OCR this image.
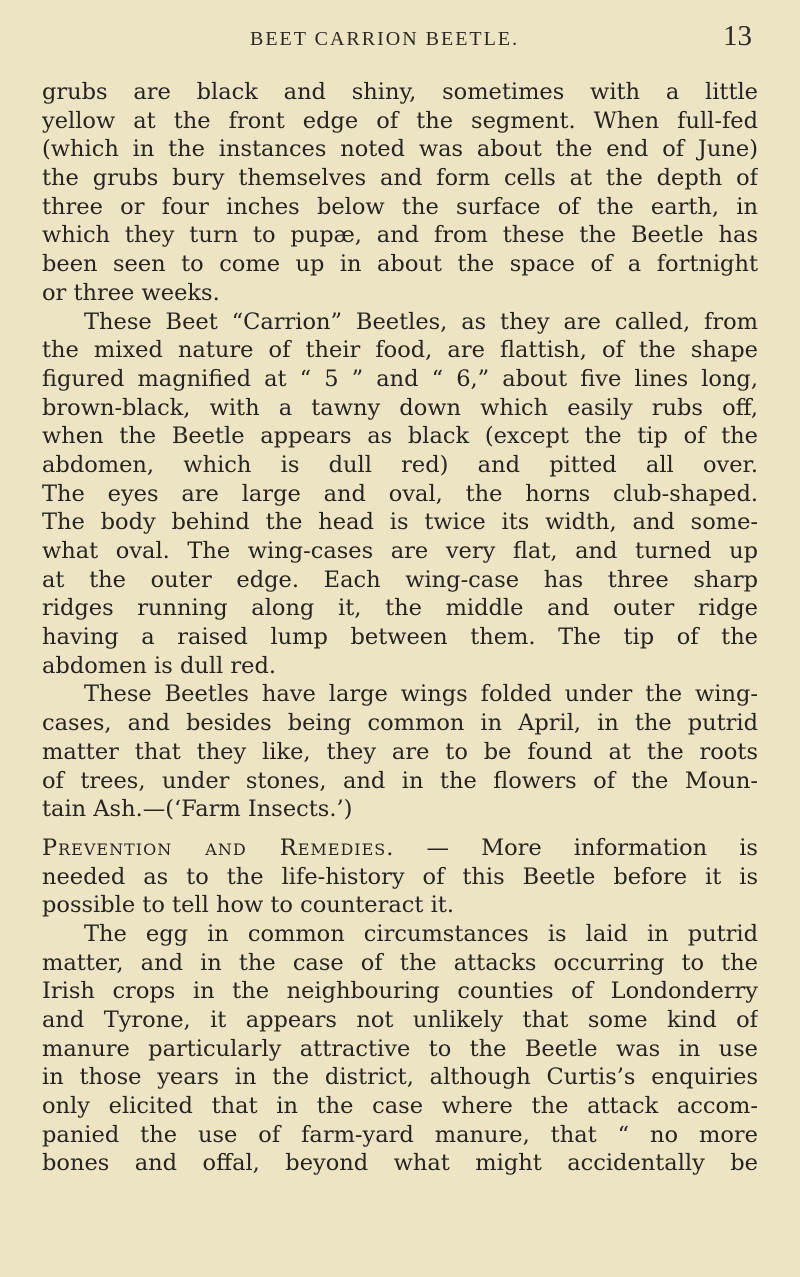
BEET CARRION BEETLE.	13
grubs are black and shiny, sometimes with a little
yellow at the front edge of the segment. When full-fed
(which in the instances noted was about the end of June)
the grubs bury themselves and form cells at the depth of
three or four inches below the surface of the earth, in
which they turn to pupæ, and from these the Beetle has
been seen to come up in about the space of a fortnight
or three weeks.
These Beet “Carrion” Beetles, as they are called, from
the mixed nature of their food, are flattish, of the shape
figured magnified at “ 5 ” and “ 6,” about five lines long,
brown-black, with a tawny down which easily rubs off,
when the Beetle appears as black (except the tip of the
abdomen, which is dull red) and pitted all over.
The eyes are large and oval, the horns club-shaped.
The body behind the head is twice its width, and some-
what oval. The wing-cases are very flat, and turned up
at the outer edge. Each wing-case has three sharp
ridges running along it, the middle and outer ridge
having a raised lump between them. The tip of the
abdomen is dull red.
These Beetles have large wings folded under the wing-
cases, and besides being common in April, in the putrid
matter that they like, they are to be found at the roots
of trees, under stones, and in the flowers of the Moun-
tain Ash.—(‘Farm Insects.’)
Prevention and Remedies. — More information is
needed as to the life-history of this Beetle before it is
possible to tell how to counteract it.
The egg in common circumstances is laid in putrid
matter, and in the case of the attacks occurring to the
Irish crops in the neighbouring counties of Londonderry
and Tyrone, it appears not unlikely that some kind of
manure particularly attractive to the Beetle was in use
in those years in the district, although Curtis’s enquiries
only elicited that in the case where the attack accom-
panied the use of farm-yard manure, that “ no more
bones and offal, beyond what might accidentally be
